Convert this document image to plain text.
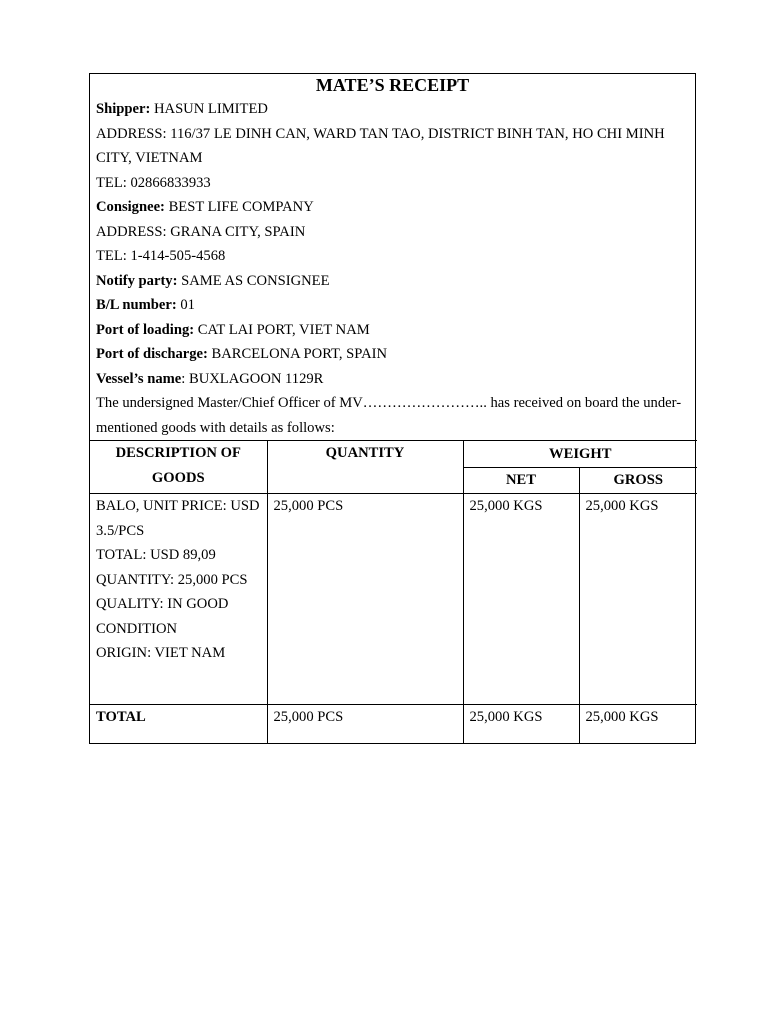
MATE’S RECEIPT
Shipper: HASUN LIMITED
ADDRESS: 116/37 LE DINH CAN, WARD TAN TAO, DISTRICT BINH TAN, HO CHI MINH CITY, VIETNAM
TEL: 02866833933
Consignee: BEST LIFE COMPANY
ADDRESS: GRANA CITY, SPAIN
TEL: 1-414-505-4568
Notify party: SAME AS CONSIGNEE
B/L number: 01
Port of loading: CAT LAI PORT, VIET NAM
Port of discharge: BARCELONA PORT, SPAIN
Vessel’s name: BUXLAGOON 1129R
The undersigned Master/Chief Officer of MV…………………….. has received on board the under-mentioned goods with details as follows:
DESCRIPTION OF GOODS	QUANTITY	WEIGHT	
		NET	GROSS

BALO, UNIT PRICE: USD 3.5/PCS
TOTAL: USD 89,09
QUANTITY: 25,000 PCS
QUALITY: IN GOOD CONDITION
ORIGIN: VIET NAM	25,000 PCS	25,000 KGS	25,000 KGS
TOTAL	25,000 PCS	25,000 KGS	25,000 KGS
